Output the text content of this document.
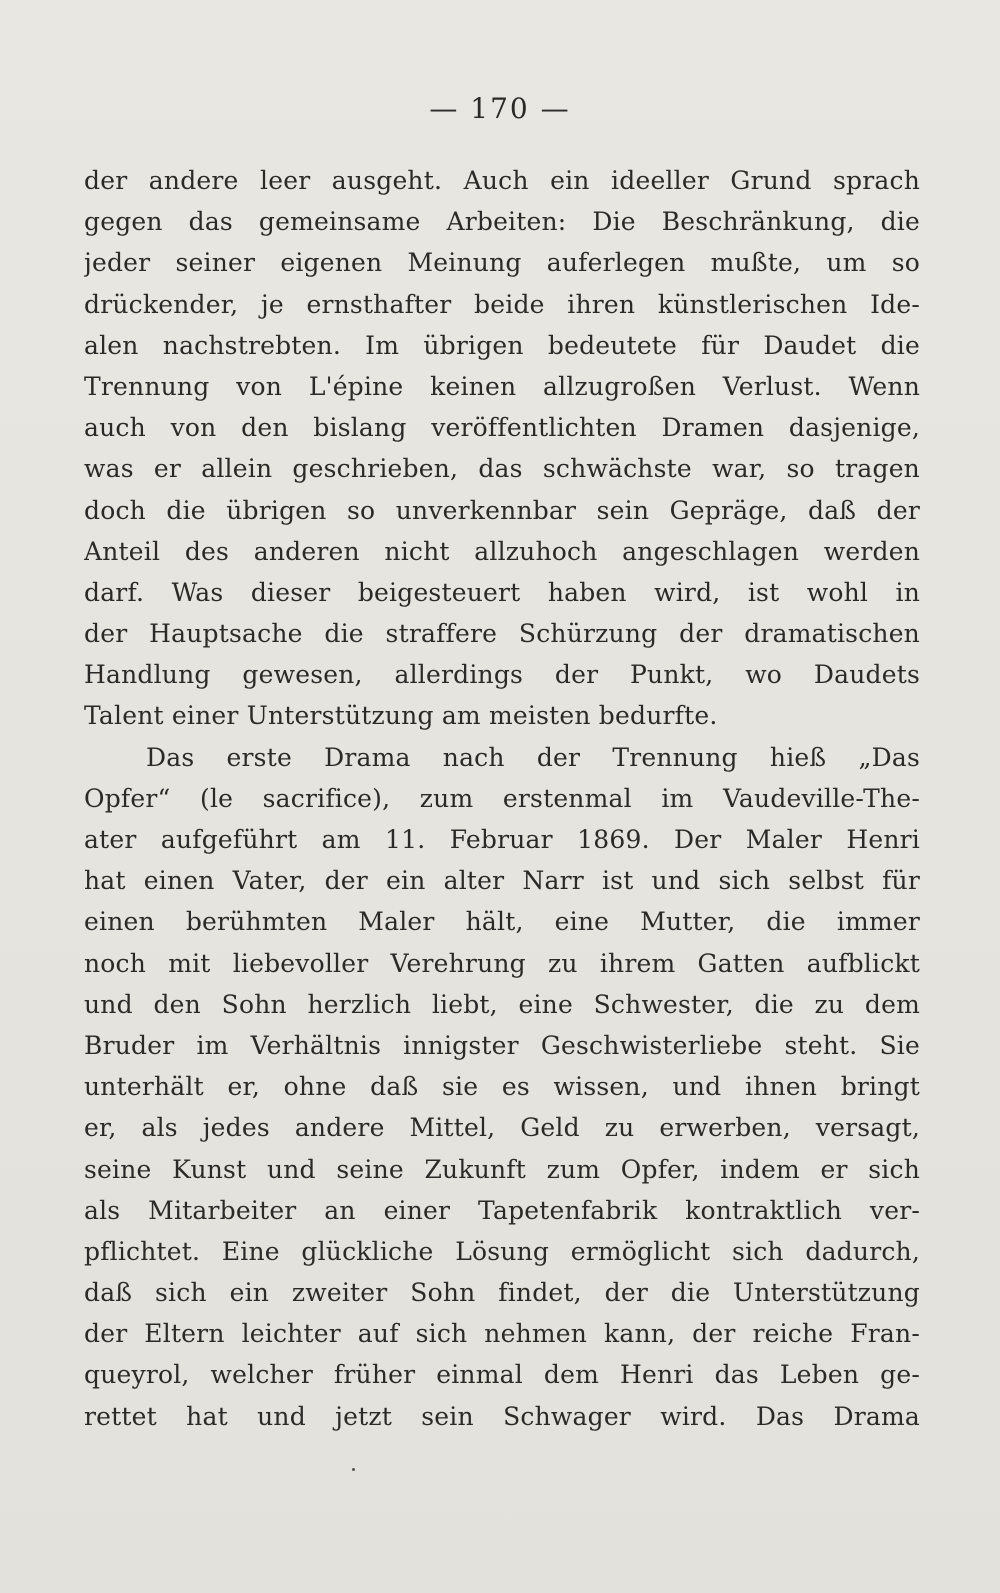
— 170 —
der andere leer ausgeht. Auch ein ideeller Grund sprach
gegen das gemeinsame Arbeiten: Die Beschränkung, die
jeder seiner eigenen Meinung auferlegen mußte, um so
drückender, je ernsthafter beide ihren künstlerischen Ide-
alen nachstrebten. Im übrigen bedeutete für Daudet die
Trennung von L'épine keinen allzugroßen Verlust. Wenn
auch von den bislang veröffentlichten Dramen dasjenige,
was er allein geschrieben, das schwächste war, so tragen
doch die übrigen so unverkennbar sein Gepräge, daß der
Anteil des anderen nicht allzuhoch angeschlagen werden
darf. Was dieser beigesteuert haben wird, ist wohl in
der Hauptsache die straffere Schürzung der dramatischen
Handlung gewesen, allerdings der Punkt, wo Daudets
Talent einer Unterstützung am meisten bedurfte.
Das erste Drama nach der Trennung hieß „Das
Opfer“ (le sacrifice), zum erstenmal im Vaudeville-The-
ater aufgeführt am 11. Februar 1869. Der Maler Henri
hat einen Vater, der ein alter Narr ist und sich selbst für
einen berühmten Maler hält, eine Mutter, die immer
noch mit liebevoller Verehrung zu ihrem Gatten aufblickt
und den Sohn herzlich liebt, eine Schwester, die zu dem
Bruder im Verhältnis innigster Geschwisterliebe steht. Sie
unterhält er, ohne daß sie es wissen, und ihnen bringt
er, als jedes andere Mittel, Geld zu erwerben, versagt,
seine Kunst und seine Zukunft zum Opfer, indem er sich
als Mitarbeiter an einer Tapetenfabrik kontraktlich ver-
pflichtet. Eine glückliche Lösung ermöglicht sich dadurch,
daß sich ein zweiter Sohn findet, der die Unterstützung
der Eltern leichter auf sich nehmen kann, der reiche Fran-
queyrol, welcher früher einmal dem Henri das Leben ge-
rettet hat und jetzt sein Schwager wird. Das Drama
